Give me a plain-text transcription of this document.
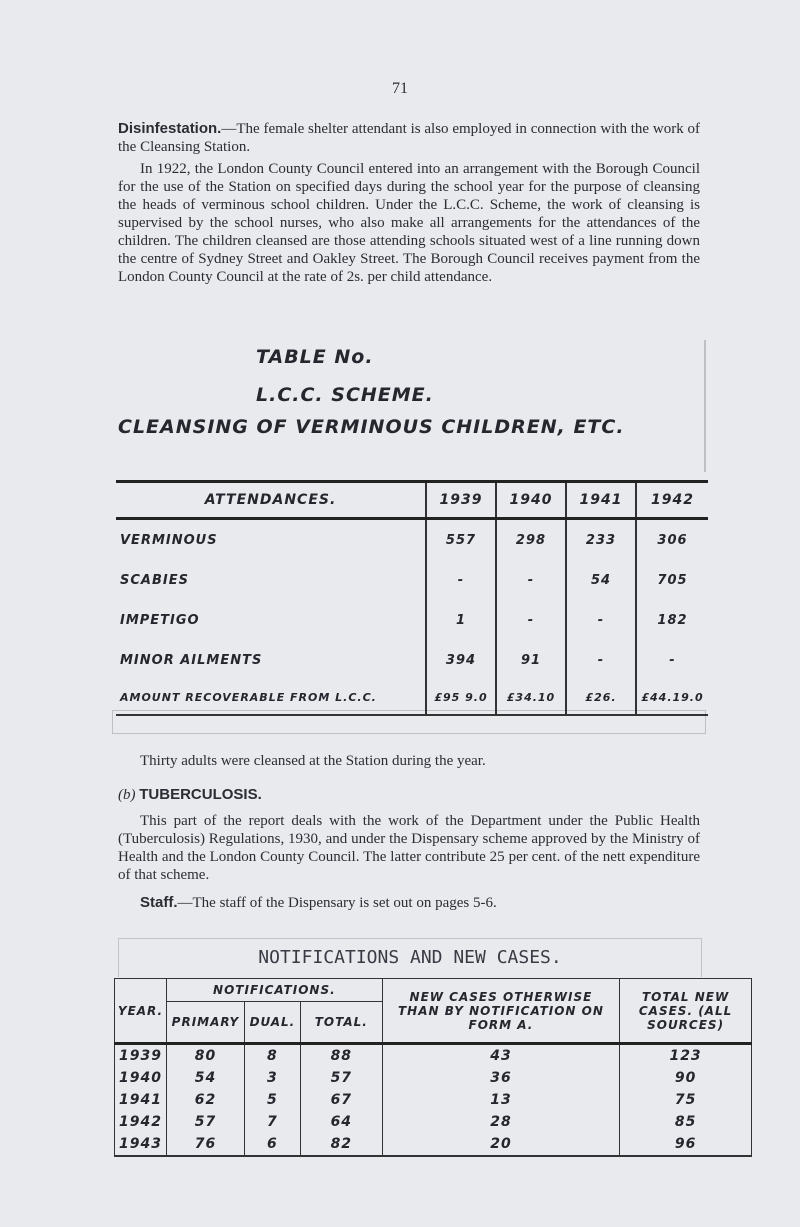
71

Disinfestation.—The female shelter attendant is also employed in connection with the work of the Cleansing Station.

In 1922, the London County Council entered into an arrangement with the Borough Council for the use of the Station on specified days during the school year for the purpose of cleansing the heads of verminous school children. Under the L.C.C. Scheme, the work of cleansing is supervised by the school nurses, who also make all arrangements for the attendances of the children. The children cleansed are those attending schools situated west of a line running down the centre of Sydney Street and Oakley Street. The Borough Council receives payment from the London County Council at the rate of 2s. per child attendance.

TABLE No.
L.C.C. SCHEME.
CLEANSING OF VERMINOUS CHILDREN, ETC.
ATTENDANCES.	1939	1940	1941	1942
VERMINOUS	557	298	233	306
SCABIES	-	-	54	705
IMPETIGO	1	-	-	182
MINOR AILMENTS	394	91	-	-
AMOUNT RECOVERABLE FROM L.C.C.	£95 9.0	£34.10	£26.	£44.19.0

Thirty adults were cleansed at the Station during the year.

(b) TUBERCULOSIS.

This part of the report deals with the work of the Department under the Public Health (Tuberculosis) Regulations, 1930, and under the Dispensary scheme approved by the Ministry of Health and the London County Council. The latter contribute 25 per cent. of the nett expenditure of that scheme.

Staff.—The staff of the Dispensary is set out on pages 5-6.

NOTIFICATIONS AND NEW CASES.
YEAR.	NOTIFICATIONS.			NEW CASES OTHERWISE THAN BY NOTIFICATION ON FORM A.	TOTAL NEW CASES. (ALL SOURCES)
	PRIMARY	DUAL.	TOTAL.		
1939	80	8	88	43	123
1940	54	3	57	36	90
1941	62	5	67	13	75
1942	57	7	64	28	85
1943	76	6	82	20	96
